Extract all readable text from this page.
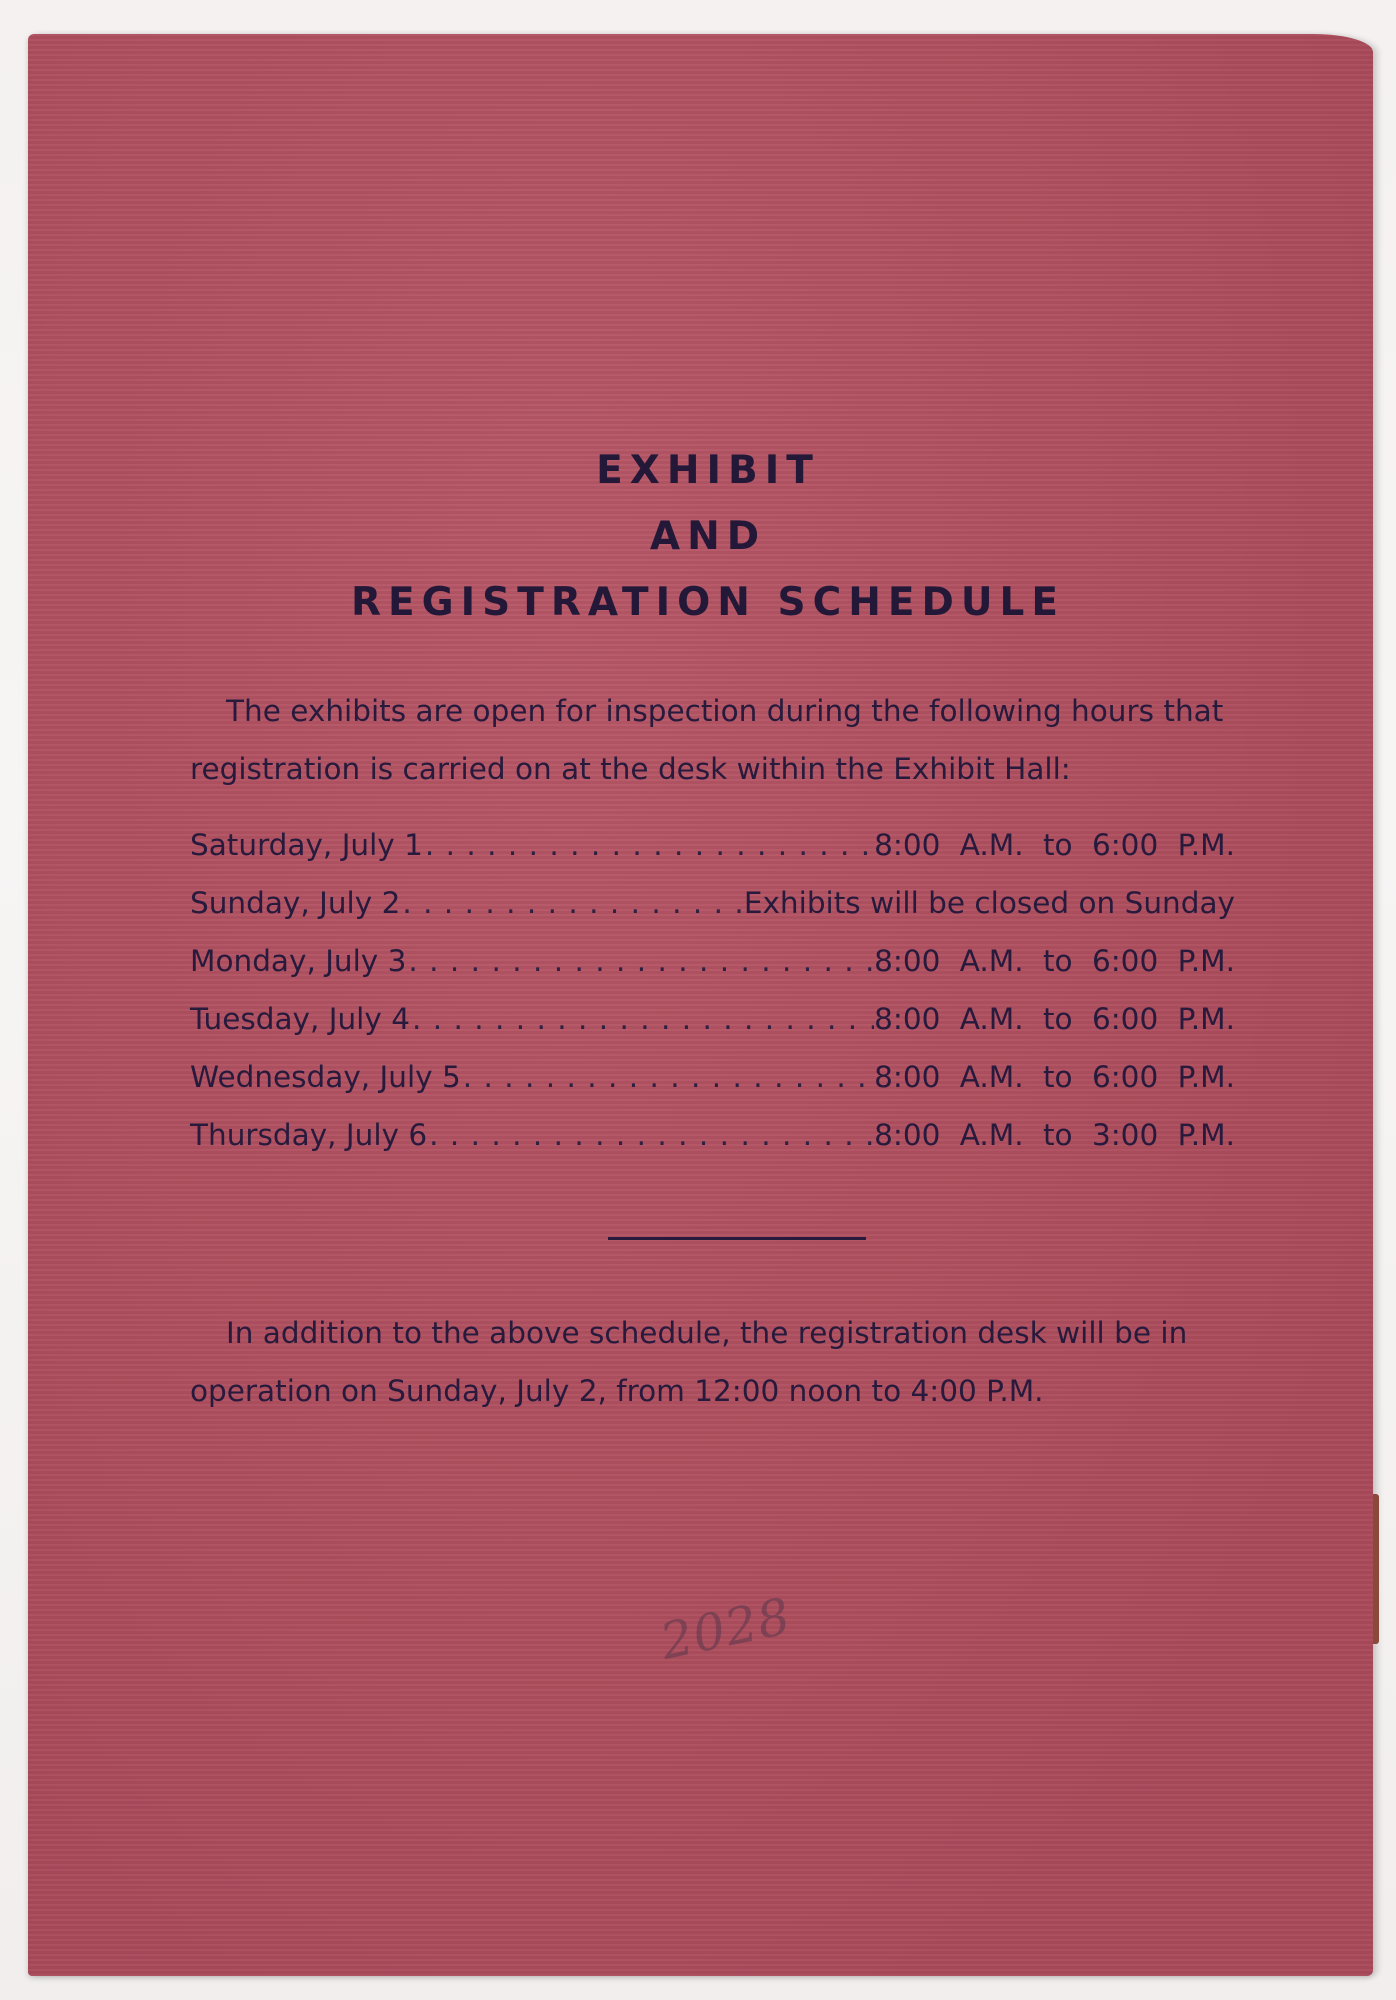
EXHIBIT
AND
REGISTRATION SCHEDULE

The exhibits are open for inspection during the following hours that registration is carried on at the desk within the Exhibit Hall:

Saturday, July 1 . . .	8:00 A.M. to 6:00 P.M.
Sunday, July 2 . . .	Exhibits will be closed on Sunday
Monday, July 3 . . .	8:00 A.M. to 6:00 P.M.
Tuesday, July 4 . . .	8:00 A.M. to 6:00 P.M.
Wednesday, July 5 . . .	8:00 A.M. to 6:00 P.M.
Thursday, July 6 . . .	8:00 A.M. to 3:00 P.M.

In addition to the above schedule, the registration desk will be in operation on Sunday, July 2, from 12:00 noon to 4:00 P.M.

2028
